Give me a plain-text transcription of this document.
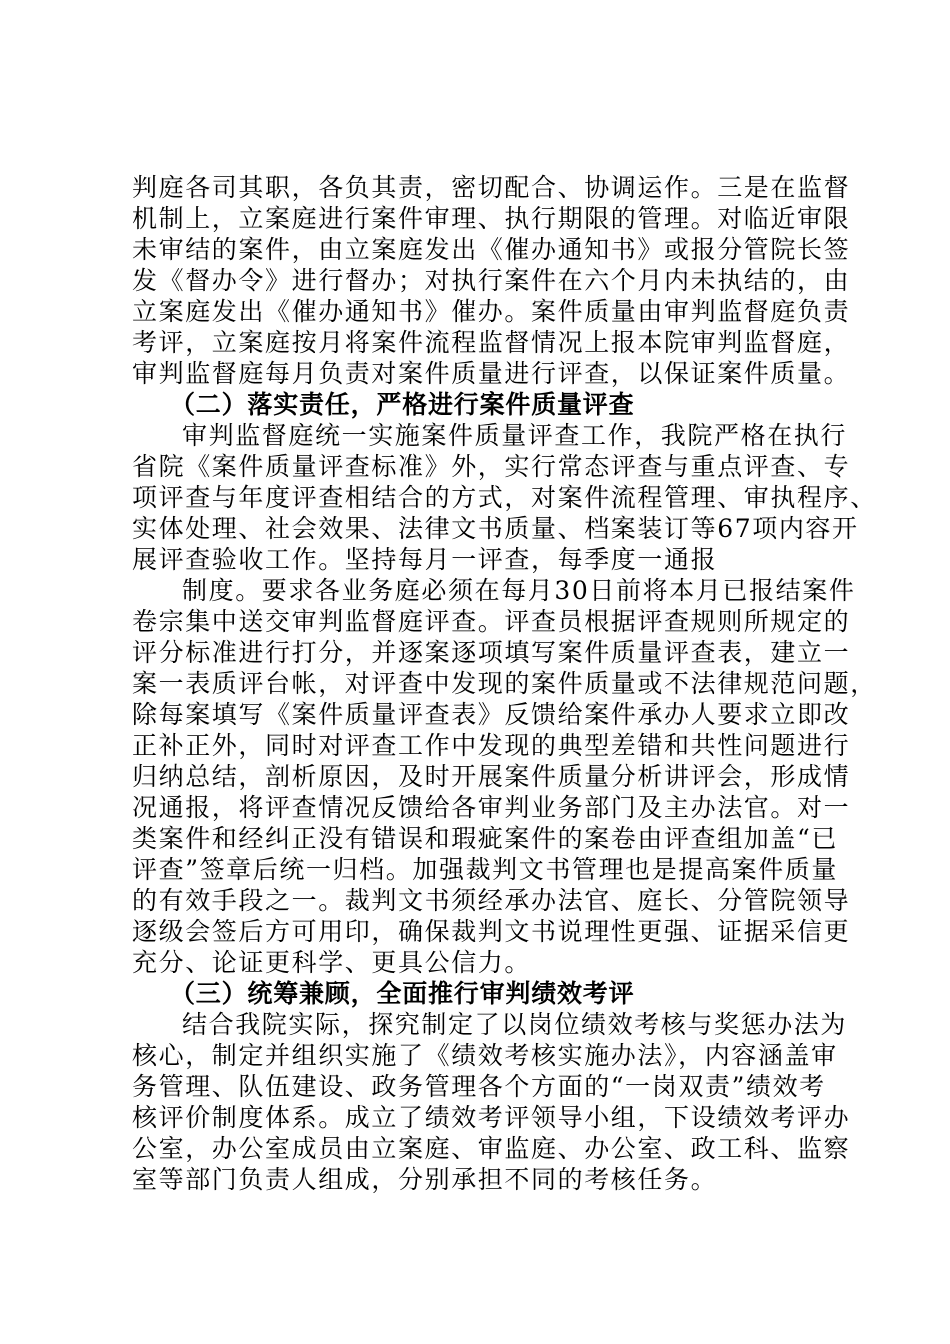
判庭各司其职，各负其责，密切配合、协调运作。三是在监督
机制上，立案庭进行案件审理、执行期限的管理。对临近审限
未审结的案件，由立案庭发出《催办通知书》或报分管院长签
发《督办令》进行督办；对执行案件在六个月内未执结的，由
立案庭发出《催办通知书》催办。案件质量由审判监督庭负责
考评，立案庭按月将案件流程监督情况上报本院审判监督庭，
审判监督庭每月负责对案件质量进行评查，以保证案件质量。
（二）落实责任，严格进行案件质量评查
审判监督庭统一实施案件质量评查工作，我院严格在执行
省院《案件质量评查标准》外，实行常态评查与重点评查、专
项评查与年度评查相结合的方式，对案件流程管理、审执程序、
实体处理、社会效果、法律文书质量、档案装订等67项内容开
展评查验收工作。坚持每月一评查，每季度一通报
制度。要求各业务庭必须在每月30日前将本月已报结案件
卷宗集中送交审判监督庭评查。评查员根据评查规则所规定的
评分标准进行打分，并逐案逐项填写案件质量评查表，建立一
案一表质评台帐，对评查中发现的案件质量或不法律规范问题，
除每案填写《案件质量评查表》反馈给案件承办人要求立即改
正补正外，同时对评查工作中发现的典型差错和共性问题进行
归纳总结，剖析原因，及时开展案件质量分析讲评会，形成情
况通报，将评查情况反馈给各审判业务部门及主办法官。对一
类案件和经纠正没有错误和瑕疵案件的案卷由评查组加盖“已
评查”签章后统一归档。加强裁判文书管理也是提高案件质量
的有效手段之一。裁判文书须经承办法官、庭长、分管院领导
逐级会签后方可用印，确保裁判文书说理性更强、证据采信更
充分、论证更科学、更具公信力。
（三）统筹兼顾，全面推行审判绩效考评
结合我院实际，探究制定了以岗位绩效考核与奖惩办法为
核心，制定并组织实施了《绩效考核实施办法》，内容涵盖审
务管理、队伍建设、政务管理各个方面的“一岗双责”绩效考
核评价制度体系。成立了绩效考评领导小组，下设绩效考评办
公室，办公室成员由立案庭、审监庭、办公室、政工科、监察
室等部门负责人组成，分别承担不同的考核任务。
